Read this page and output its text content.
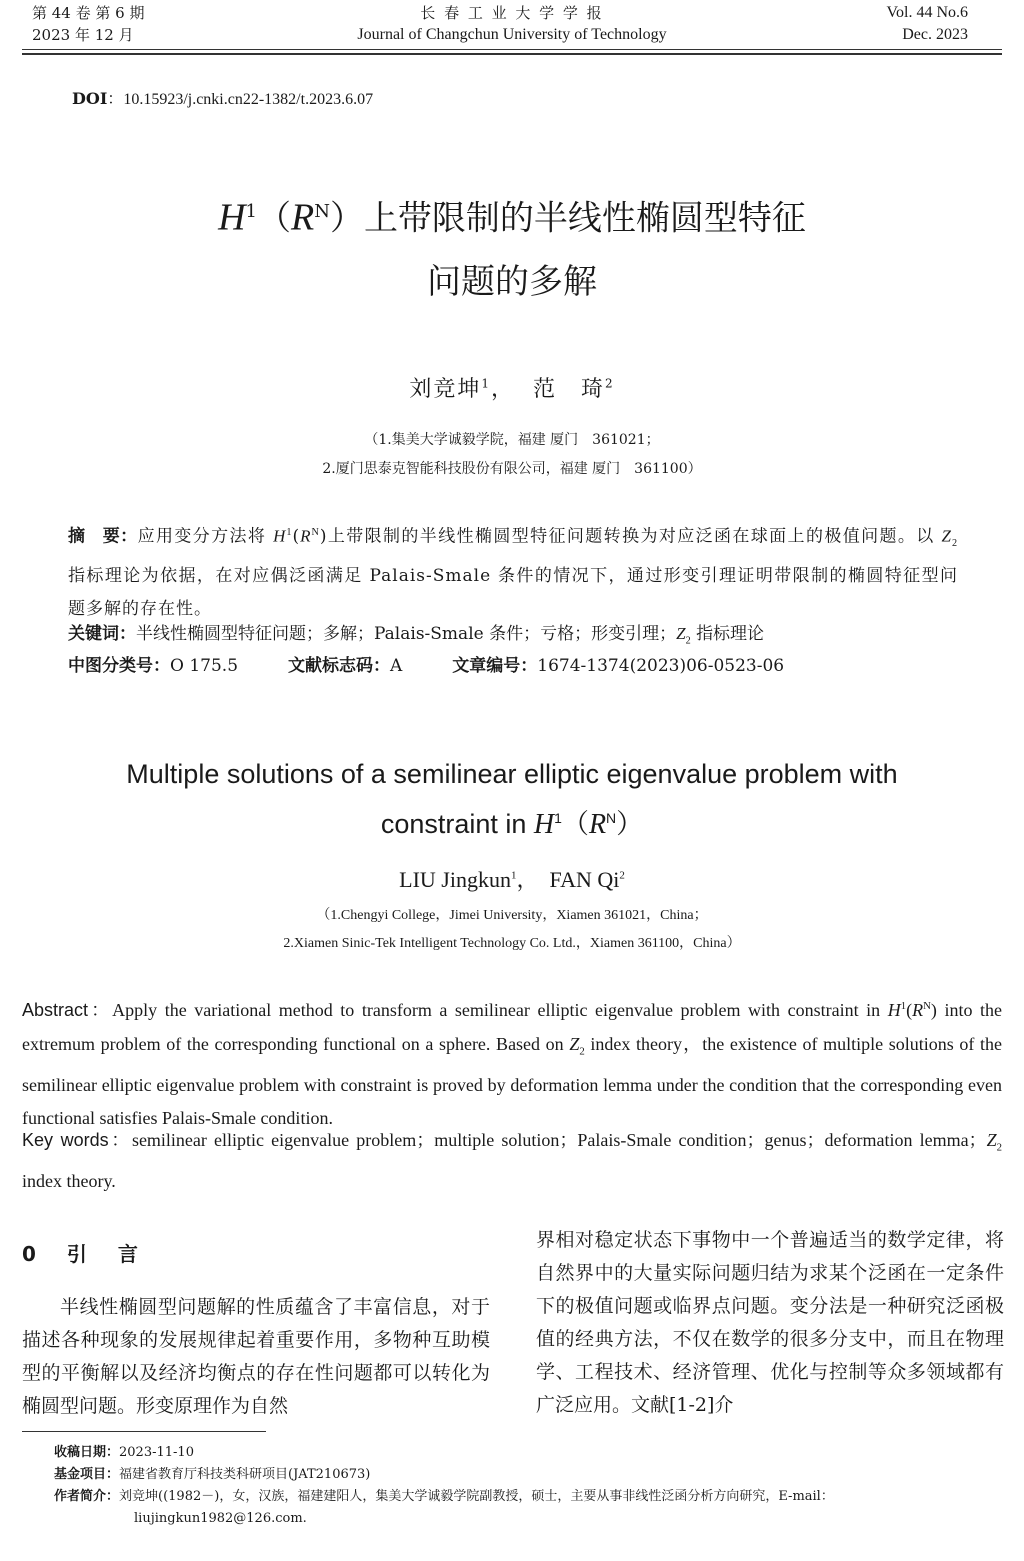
第 44 卷 第 6 期
2023 年 12 月
长 春 工 业 大 学 学 报
Journal of Changchun University of Technology
Vol. 44 No.6
Dec. 2023
DOI：10.15923/j.cnki.cn22-1382/t.2023.6.07
$H^1(R^N)$上带限制的半线性椭圆型特征
问题的多解
刘竞坤$^1$， 范　琦$^2$
（1.集美大学诚毅学院，福建 厦门　361021；
2.厦门思泰克智能科技股份有限公司，福建 厦门　361100）
摘　要：应用变分方法将 $H^1(R^N)$上带限制的半线性椭圆型特征问题转换为对应泛函在球面上的极值问题。以 $Z_2$ 指标理论为依据，在对应偶泛函满足 Palais-Smale 条件的情况下，通过形变引理证明带限制的椭圆特征型问题多解的存在性。
关键词：半线性椭圆型特征问题；多解；Palais-Smale 条件；亏格；形变引理；$Z_2$ 指标理论
中图分类号：O 175.5	文献标志码：A	文章编号：1674-1374(2023)06-0523-06
Multiple solutions of a semilinear elliptic eigenvalue problem with
constraint in $H^1(R^N)$
LIU Jingkun$^1$， FAN Qi$^2$
（1.Chengyi College，Jimei University，Xiamen 361021，China；
2.Xiamen Sinic-Tek Intelligent Technology Co. Ltd.，Xiamen 361100，China）
Abstract：Apply the variational method to transform a semilinear elliptic eigenvalue problem with constraint in $H^1(R^N)$ into the extremum problem of the corresponding functional on a sphere. Based on $Z_2$ index theory，the existence of multiple solutions of the semilinear elliptic eigenvalue problem with constraint is proved by deformation lemma under the condition that the corresponding even functional satisfies Palais-Smale condition.
Key words：semilinear elliptic eigenvalue problem；multiple solution；Palais-Smale condition；genus；deformation lemma；$Z_2$ index theory.
0 引 言
半线性椭圆型问题解的性质蕴含了丰富信息，对于描述各种现象的发展规律起着重要作用，多物种互助模型的平衡解以及经济均衡点的存在性问题都可以转化为椭圆型问题。形变原理作为自然
界相对稳定状态下事物中一个普遍适当的数学定律，将自然界中的大量实际问题归结为求某个泛函在一定条件下的极值问题或临界点问题。变分法是一种研究泛函极值的经典方法，不仅在数学的很多分支中，而且在物理学、工程技术、经济管理、优化与控制等众多领域都有广泛应用。文献[1-2]介
收稿日期：2023-11-10
基金项目：福建省教育厅科技类科研项目(JAT210673)
作者简介：刘竞坤((1982－)，女，汉族，福建建阳人，集美大学诚毅学院副教授，硕士，主要从事非线性泛函分析方向研究，E-mail：
liujingkun1982@126.com.
